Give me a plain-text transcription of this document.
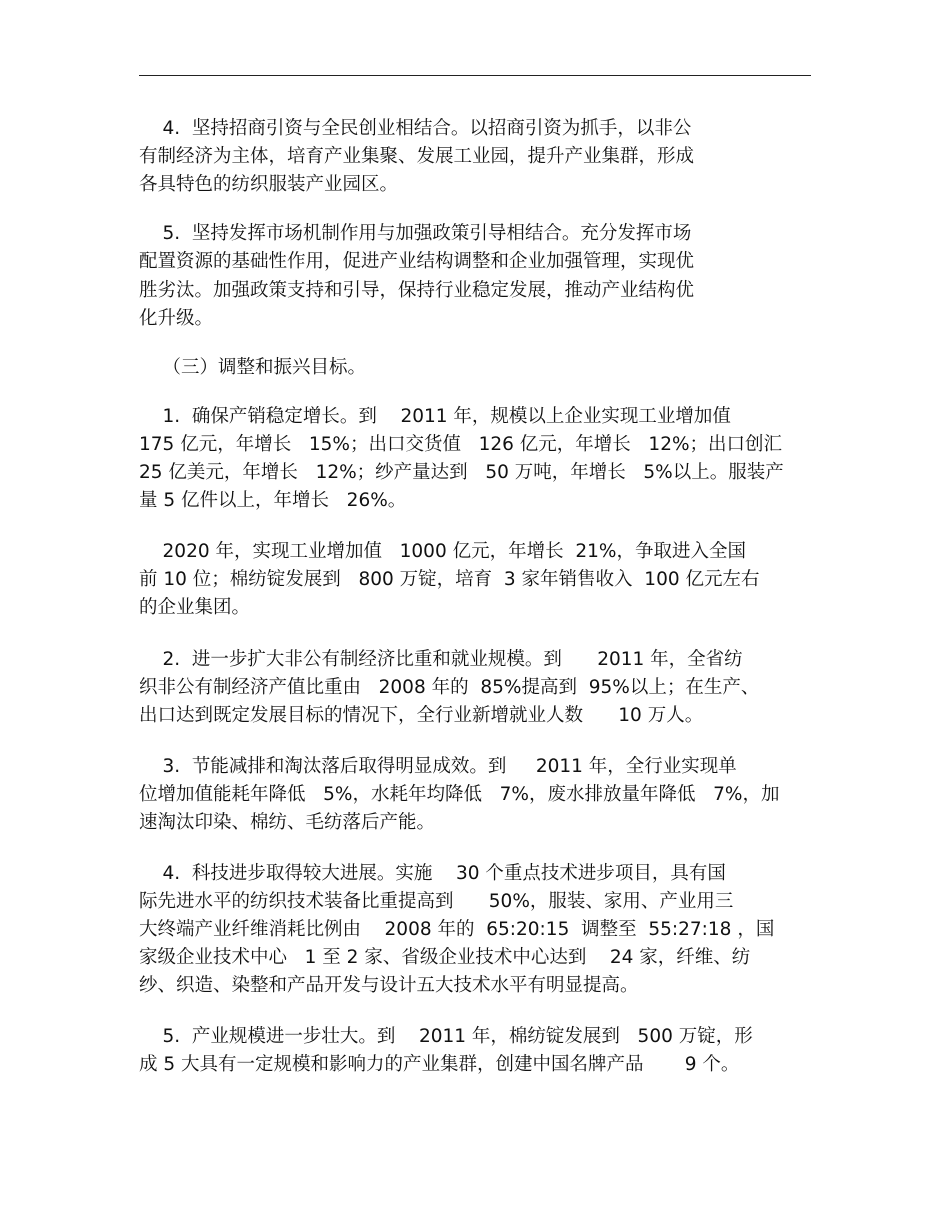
4.  坚持招商引资与全民创业相结合。以招商引资为抓手，以非公
有制经济为主体，培育产业集聚、发展工业园，提升产业集群，形成
各具特色的纺织服装产业园区。
5.  坚持发挥市场机制作用与加强政策引导相结合。充分发挥市场
配置资源的基础性作用，促进产业结构调整和企业加强管理，实现优
胜劣汰。加强政策支持和引导，保持行业稳定发展，推动产业结构优
化升级。
（三）调整和振兴目标。
1.  确保产销稳定增长。到    2011 年，规模以上企业实现工业增加值
175 亿元，年增长   15%；出口交货值   126 亿元，年增长   12%；出口创汇
25 亿美元，年增长   12%；纱产量达到   50 万吨，年增长   5%以上。服装产
量 5 亿件以上，年增长   26%。
2020 年，实现工业增加值   1000 亿元，年增长  21%，争取进入全国
前 10 位；棉纺锭发展到   800 万锭，培育  3 家年销售收入  100 亿元左右
的企业集团。
2.  进一步扩大非公有制经济比重和就业规模。到      2011 年，全省纺
织非公有制经济产值比重由   2008 年的  85%提高到  95%以上；在生产、
出口达到既定发展目标的情况下，全行业新增就业人数      10 万人。
3.  节能减排和淘汰落后取得明显成效。到     2011 年，全行业实现单
位增加值能耗年降低   5%，水耗年均降低   7%，废水排放量年降低   7%，加
速淘汰印染、棉纺、毛纺落后产能。
4.  科技进步取得较大进展。实施    30 个重点技术进步项目，具有国
际先进水平的纺织技术装备比重提高到      50%，服装、家用、产业用三
大终端产业纤维消耗比例由    2008 年的  65:20:15  调整至  55:27:18 ，国
家级企业技术中心   1 至 2 家、省级企业技术中心达到    24 家，纤维、纺
纱、织造、染整和产品开发与设计五大技术水平有明显提高。
5.  产业规模进一步壮大。到    2011 年，棉纺锭发展到   500 万锭，形
成 5 大具有一定规模和影响力的产业集群，创建中国名牌产品       9 个。
